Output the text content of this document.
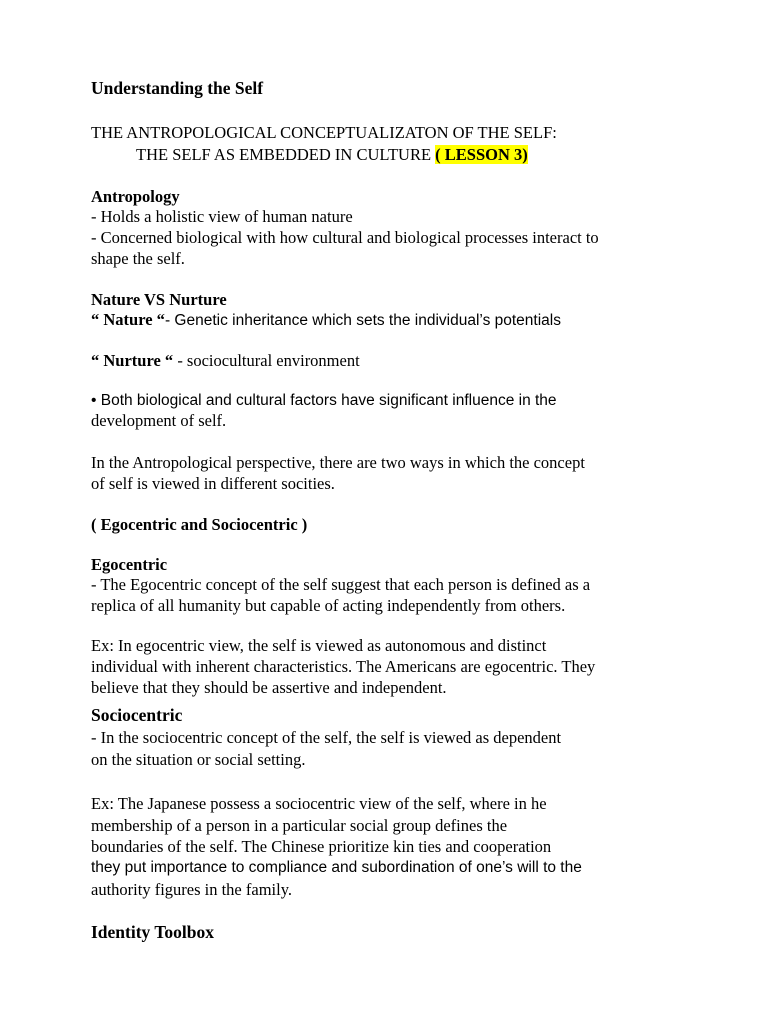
Understanding the Self
THE ANTROPOLOGICAL CONCEPTUALIZATON OF THE SELF:
THE SELF AS EMBEDDED IN CULTURE ( LESSON 3)
Antropology
- Holds a holistic view of human nature
- Concerned biological with how cultural and biological processes interact to
shape the self.
Nature VS Nurture
“ Nature “- Genetic inheritance which sets the individual’s potentials
“ Nurture “ - sociocultural environment
• Both biological and cultural factors have significant influence in the
development of self.
In the Antropological perspective, there are two ways in which the concept
of self is viewed in different socities.
( Egocentric and Sociocentric )
Egocentric
- The Egocentric concept of the self suggest that each person is defined as a
replica of all humanity but capable of acting independently from others.
Ex: In egocentric view, the self is viewed as autonomous and distinct
individual with inherent characteristics. The Americans are egocentric. They
believe that they should be assertive and independent.
Sociocentric
- In the sociocentric concept of the self, the self is viewed as dependent
on the situation or social setting.
Ex: The Japanese possess a sociocentric view of the self, where in he
membership of a person in a particular social group defines the
boundaries of the self. The Chinese prioritize kin ties and cooperation
they put importance to compliance and subordination of one’s will to the
authority figures in the family.
Identity Toolbox
